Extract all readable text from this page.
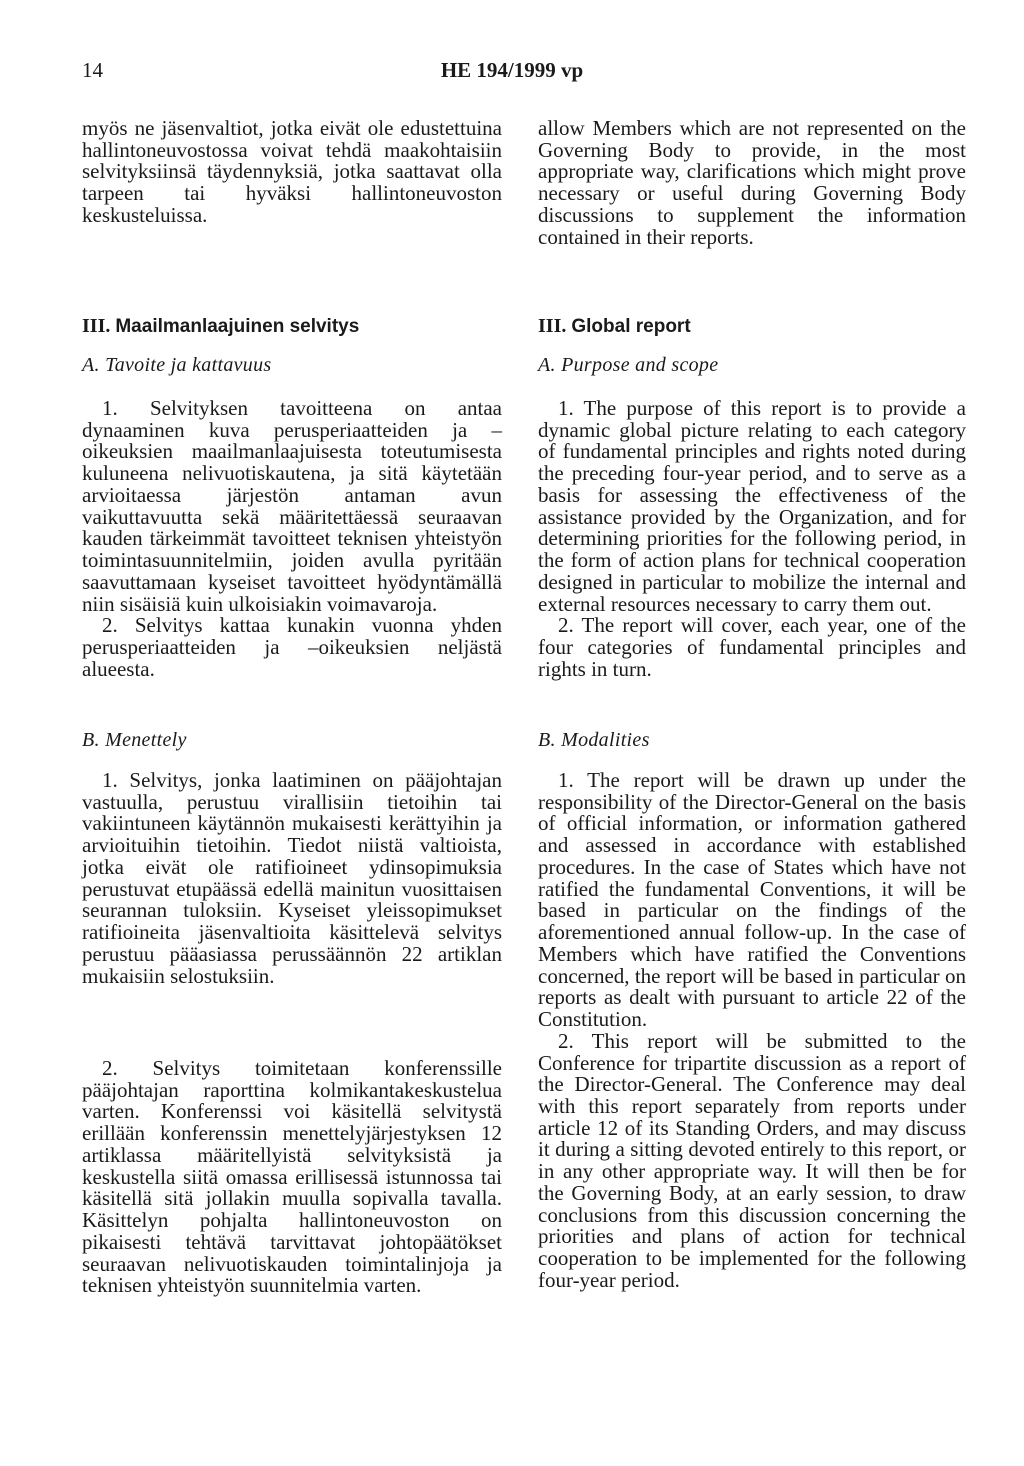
14	HE 194/1999 vp

myös ne jäsenvaltiot, jotka eivät ole edustettuina hallintoneuvostossa voivat tehdä maakohtaisiin selvityksiinsä täydennyksiä, jotka saattavat olla tarpeen tai hyväksi hallintoneuvoston keskusteluissa.

III. Maailmanlaajuinen selvitys
A. Tavoite ja kattavuus

1. Selvityksen tavoitteena on antaa dynaaminen kuva perusperiaatteiden ja –oikeuksien maailmanlaajuisesta toteutumisesta kuluneena nelivuotiskautena, ja sitä käytetään arvioitaessa järjestön antaman avun vaikuttavuutta sekä määritettäessä seuraavan kauden tärkeimmät tavoitteet teknisen yhteistyön toimintasuunnitelmiin, joiden avulla pyritään saavuttamaan kyseiset tavoitteet hyödyntämällä niin sisäisiä kuin ulkoisiakin voimavaroja.

2. Selvitys kattaa kunakin vuonna yhden perusperiaatteiden ja –oikeuksien neljästä alueesta.

B. Menettely

1. Selvitys, jonka laatiminen on pääjohtajan vastuulla, perustuu virallisiin tietoihin tai vakiintuneen käytännön mukaisesti kerättyihin ja arvioituihin tietoihin. Tiedot niistä valtioista, jotka eivät ole ratifioineet ydinsopimuksia perustuvat etupäässä edellä mainitun vuosittaisen seurannan tuloksiin. Kyseiset yleissopimukset ratifioineita jäsenvaltioita käsittelevä selvitys perustuu pääasiassa perussäännön 22 artiklan mukaisiin selostuksiin.

2. Selvitys toimitetaan konferenssille pääjohtajan raporttina kolmikantakeskustelua varten. Konferenssi voi käsitellä selvitystä erillään konferenssin menettelyjärjestyksen 12 artiklassa määritellyistä selvityksistä ja keskustella siitä omassa erillisessä istunnossa tai käsitellä sitä jollakin muulla sopivalla tavalla. Käsittelyn pohjalta hallintoneuvoston on pikaisesti tehtävä tarvittavat johtopäätökset seuraavan nelivuotiskauden toimintalinjoja ja teknisen yhteistyön suunnitelmia varten.

allow Members which are not represented on the Governing Body to provide, in the most appropriate way, clarifications which might prove necessary or useful during Governing Body discussions to supplement the information contained in their reports.

III. Global report
A. Purpose and scope

1. The purpose of this report is to provide a dynamic global picture relating to each category of fundamental principles and rights noted during the preceding four-year period, and to serve as a basis for assessing the effectiveness of the assistance provided by the Organization, and for determining priorities for the following period, in the form of action plans for technical cooperation designed in particular to mobilize the internal and external resources necessary to carry them out.

2. The report will cover, each year, one of the four categories of fundamental principles and rights in turn.

B. Modalities

1. The report will be drawn up under the responsibility of the Director-General on the basis of official information, or information gathered and assessed in accordance with established procedures. In the case of States which have not ratified the fundamental Conventions, it will be based in particular on the findings of the aforementioned annual follow-up. In the case of Members which have ratified the Conventions concerned, the report will be based in particular on reports as dealt with pursuant to article 22 of the Constitution.

2. This report will be submitted to the Conference for tripartite discussion as a report of the Director-General. The Conference may deal with this report separately from reports under article 12 of its Standing Orders, and may discuss it during a sitting devoted entirely to this report, or in any other appropriate way. It will then be for the Governing Body, at an early session, to draw conclusions from this discussion concerning the priorities and plans of action for technical cooperation to be implemented for the following four-year period.
